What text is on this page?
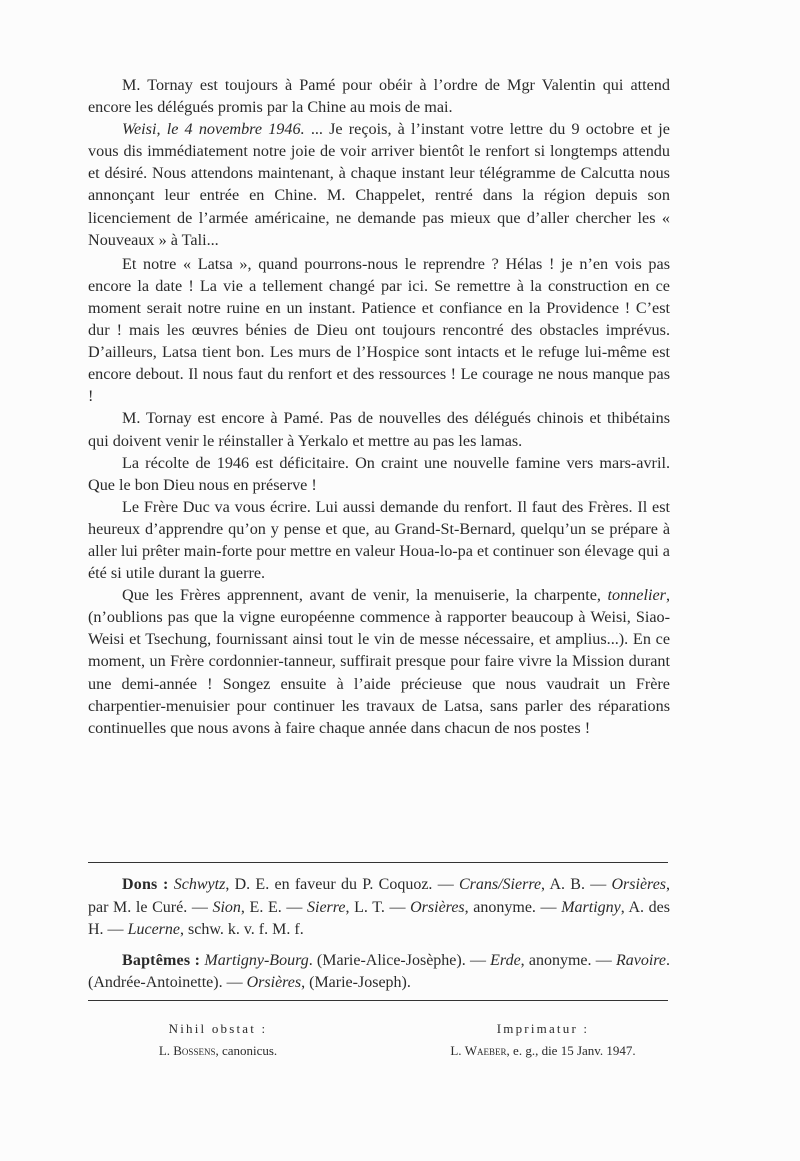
M. Tornay est toujours à Pamé pour obéir à l’ordre de Mgr Valentin qui attend encore les délégués promis par la Chine au mois de mai.

Weisi, le 4 novembre 1946. ... Je reçois, à l’instant votre lettre du 9 octobre et je vous dis immédiatement notre joie de voir arriver bientôt le renfort si longtemps attendu et désiré. Nous attendons maintenant, à chaque instant leur télégramme de Calcutta nous annonçant leur entrée en Chine. M. Chappelet, rentré dans la région depuis son licenciement de l’armée américaine, ne demande pas mieux que d’aller chercher les « Nouveaux » à Tali...

Et notre « Latsa », quand pourrons-nous le reprendre ? Hélas ! je n’en vois pas encore la date ! La vie a tellement changé par ici. Se remettre à la construction en ce moment serait notre ruine en un instant. Patience et confiance en la Providence ! C’est dur ! mais les œuvres bénies de Dieu ont toujours rencontré des obstacles imprévus. D’ailleurs, Latsa tient bon. Les murs de l’Hospice sont intacts et le refuge lui-même est encore debout. Il nous faut du renfort et des ressources ! Le courage ne nous manque pas !

M. Tornay est encore à Pamé. Pas de nouvelles des délégués chinois et thibétains qui doivent venir le réinstaller à Yerkalo et mettre au pas les lamas.

La récolte de 1946 est déficitaire. On craint une nouvelle famine vers mars-avril. Que le bon Dieu nous en préserve !

Le Frère Duc va vous écrire. Lui aussi demande du renfort. Il faut des Frères. Il est heureux d’apprendre qu’on y pense et que, au Grand-St-Bernard, quelqu’un se prépare à aller lui prêter main-forte pour mettre en valeur Houa-lo-pa et continuer son élevage qui a été si utile durant la guerre.

Que les Frères apprennent, avant de venir, la menuiserie, la charpente, tonnelier, (n’oublions pas que la vigne européenne commence à rapporter beaucoup à Weisi, Siao-Weisi et Tsechung, fournissant ainsi tout le vin de messe nécessaire, et amplius...). En ce moment, un Frère cordonnier-tanneur, suffirait presque pour faire vivre la Mission durant une demi-année ! Songez ensuite à l’aide précieuse que nous vaudrait un Frère charpentier-menuisier pour continuer les travaux de Latsa, sans parler des réparations continuelles que nous avons à faire chaque année dans chacun de nos postes !

Dons : Schwytz, D. E. en faveur du P. Coquoz. — Crans/Sierre, A. B. — Orsières, par M. le Curé. — Sion, E. E. — Sierre, L. T. — Orsières, anonyme. — Martigny, A. des H. — Lucerne, schw. k. v. f. M. f.

Baptêmes : Martigny-Bourg. (Marie-Alice-Josèphe). — Erde, anonyme. — Ravoire. (Andrée-Antoinette). — Orsières, (Marie-Joseph).

Nihil obstat :
L. Bossens, canonicus.
Imprimatur :
L. Waeber, e. g., die 15 Janv. 1947.
